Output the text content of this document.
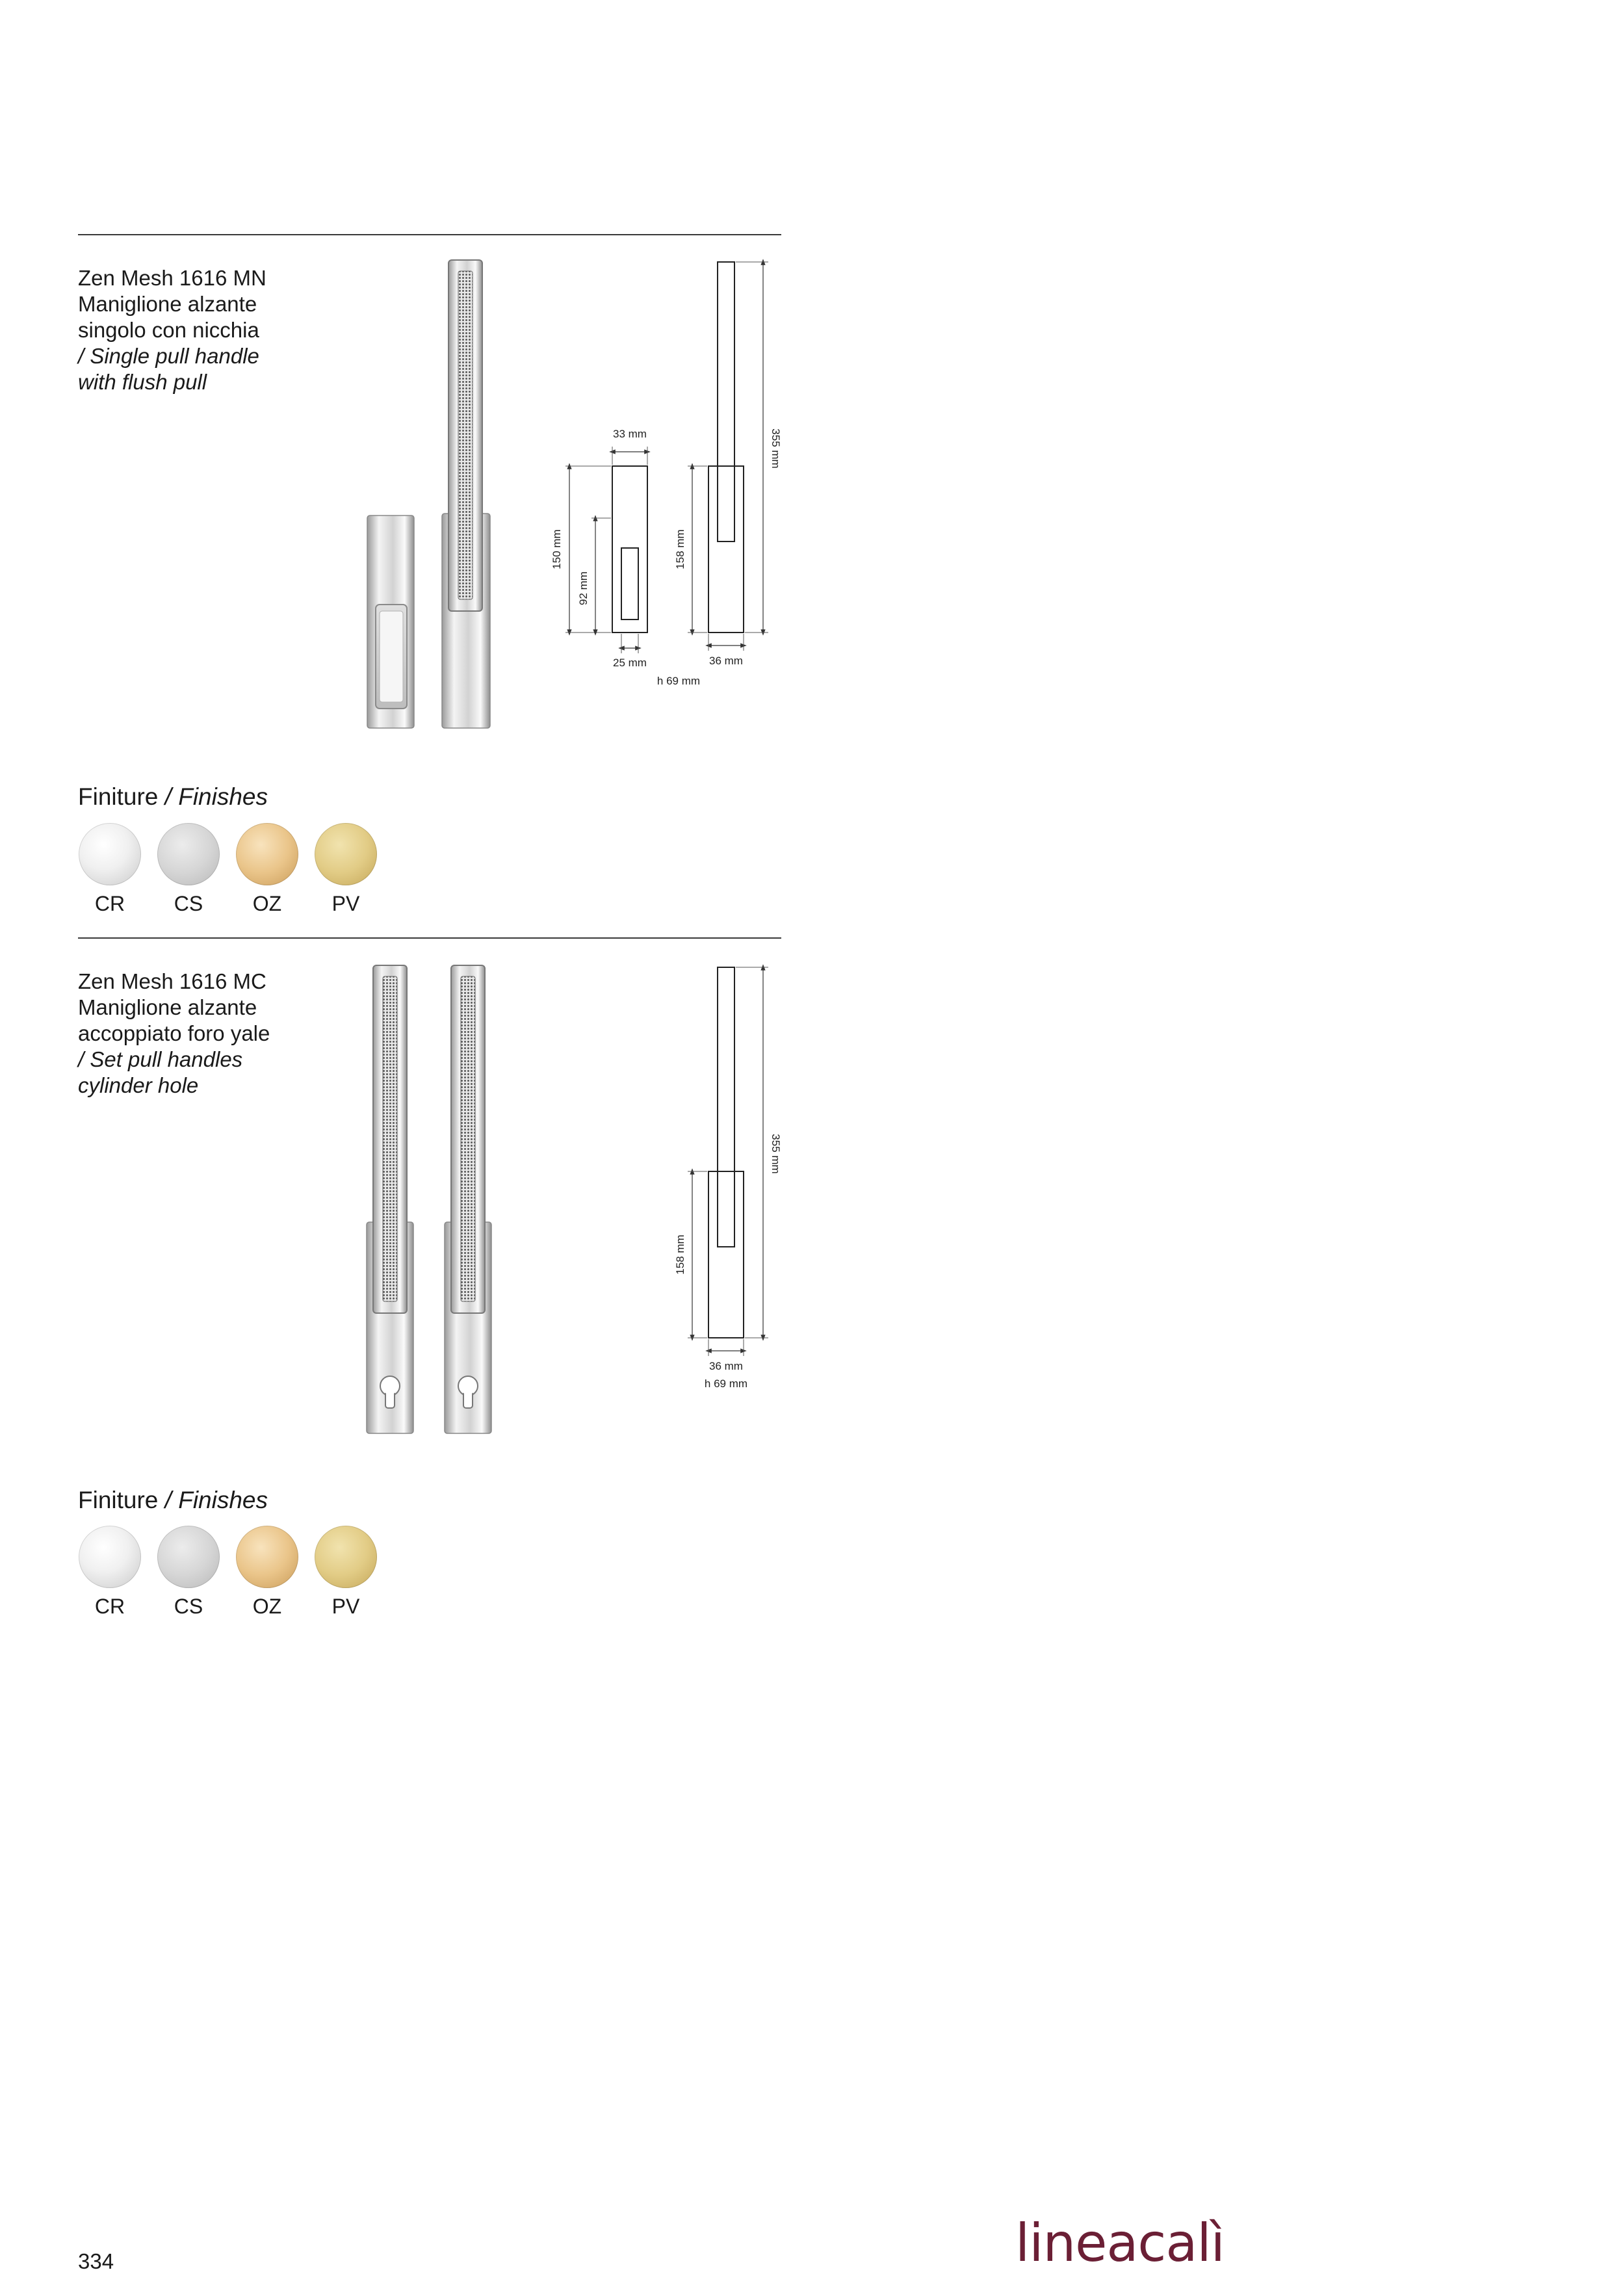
Zen Mesh 1616 MN
Maniglione alzante
singolo con nicchia
/ Single pull handle
with flush pull
33 mm
150 mm
92 mm
25 mm
h 69 mm
158 mm
36 mm
355 mm
Finiture / Finishes
CR CS OZ PV
Zen Mesh 1616 MC
Maniglione alzante
accoppiato foro yale
/ Set pull handles
cylinder hole
158 mm
36 mm
h 69 mm
355 mm
Finiture / Finishes
CR CS OZ PV
334	lineacalì
